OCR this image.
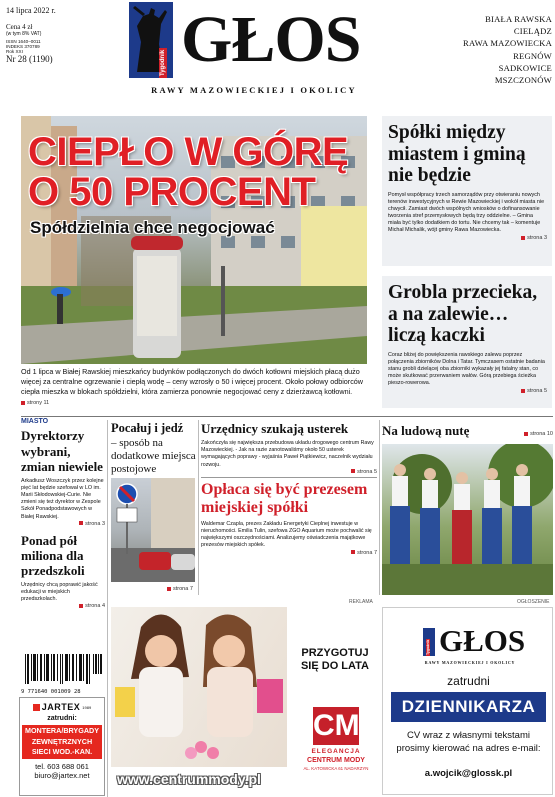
14 lipca 2022 r.
Cena 4 zł
(w tym 8% VAT)
ISSN 1640–0011
INDEKS 370789
Rok XXI
Nr 28 (1190)	Tygodnik GŁOS
RAWY MAZOWIECKIEJ I OKOLICY
BIAŁA RAWSKA
CIELĄDZ
RAWA MAZOWIECKA
REGNÓW
SADKOWICE
MSZCZONÓW
CIEPŁO W GÓRĘ
O 50 PROCENT
Spółdzielnia chce negocjować
Od 1 lipca w Białej Rawskiej mieszkańcy budynków podłączonych do dwóch kotłowni miejskich płacą dużo więcej za centralne ogrzewanie i ciepłą wodę – ceny wzrosły o 50 i więcej procent. Około połowy odbiorców ciepła mieszka w blokach spółdzielni, która zamierza ponownie negocjować ceny z dzierżawcą kotłowni. strony 11
Spółki między miastem i gminą nie będzie
Pomysł współpracy trzech samorządów przy otwieraniu nowych terenów inwestycyjnych w Rewie Mazowieckiej i wokół miasta nie chwycił. Zamiast dwóch wspólnych wniosków o dofinansowanie tworzenia stref przemysłowych będą trzy oddzielne. – Gmina miała być tylko dodatkiem do tortu. Nie chcemy tak – komentuje Michał Michalik, wójt gminy Rawa Mazowiecka.
strona 3
Grobla przecieka, a na zalewie… liczą kaczki
Coraz bliżej do powiększenia rawskiego zalewu poprzez połączenia zbiorników Dolna i Tatar. Tymczasem ostatnie badania stanu grobli dzielącej oba zbiorniki wykazały jej fatalny stan, co może skutkować przerwaniem wałów. Górą przebiega ścieżka pieszo-rowerowa.
strona 5
MIASTO
Dyrektorzy wybrani, zmian niewiele
Arkadiusz Woszczyk przez kolejne pięć lat będzie szefował w LO im. Marii Skłodowskiej-Curie. Nie zmieni się też dyrektor w Zespole Szkół Ponadpodstawowych w Białej Rawskiej.
strona 3
Ponad pół miliona dla przedszkoli
Urzędnicy chcą poprawić jakość edukacji w miejskich przedszkolach.
strona 4
9 771640 001009 28
JARTEX 1989
zatrudni:
MONTERA/BRYGADY ZEWNĘTRZNYCH SIECI WOD.-KAN.
tel. 603 688 061
biuro@jartex.net
Pocałuj i jedź
– sposób na dodatkowe miejsca postojowe
strona 7
Urzędnicy szukają usterek
Zakończyła się największa przebudowa układu drogowego centrum Rawy Mazowieckiej. - Jak na razie zanotowaliśmy około 50 usterek wymagających poprawy - wyjaśnia Paweł Piątkiewicz, naczelnik wydziału rozwoju.
strona 5
Opłaca się być prezesem miejskiej spółki
Waldemar Czapla, prezes Zakładu Energetyki Cieplnej inwestuje w nieruchomości. Emilia Tulin, szefowa ZGO Aquarium może pochwalić się największymi oszczędnościami. Analizujemy oświadczenia majątkowe prezesów miejskich spółek.
strona 7
Na ludową nutę	strona 10
REKLAMA	OGŁOSZENIE
PRZYGOTUJ SIĘ DO LATA
CM
ELEGANCJA
CENTRUM MODY
AL. KATOWICKA 61 NADARZYN
www.centrummody.pl
Tygodnik GŁOS
RAWY MAZOWIECKIEJ I OKOLICY
zatrudni
DZIENNIKARZA
CV wraz z własnymi tekstami prosimy kierować na adres e-mail:
a.wojcik@glossk.pl
